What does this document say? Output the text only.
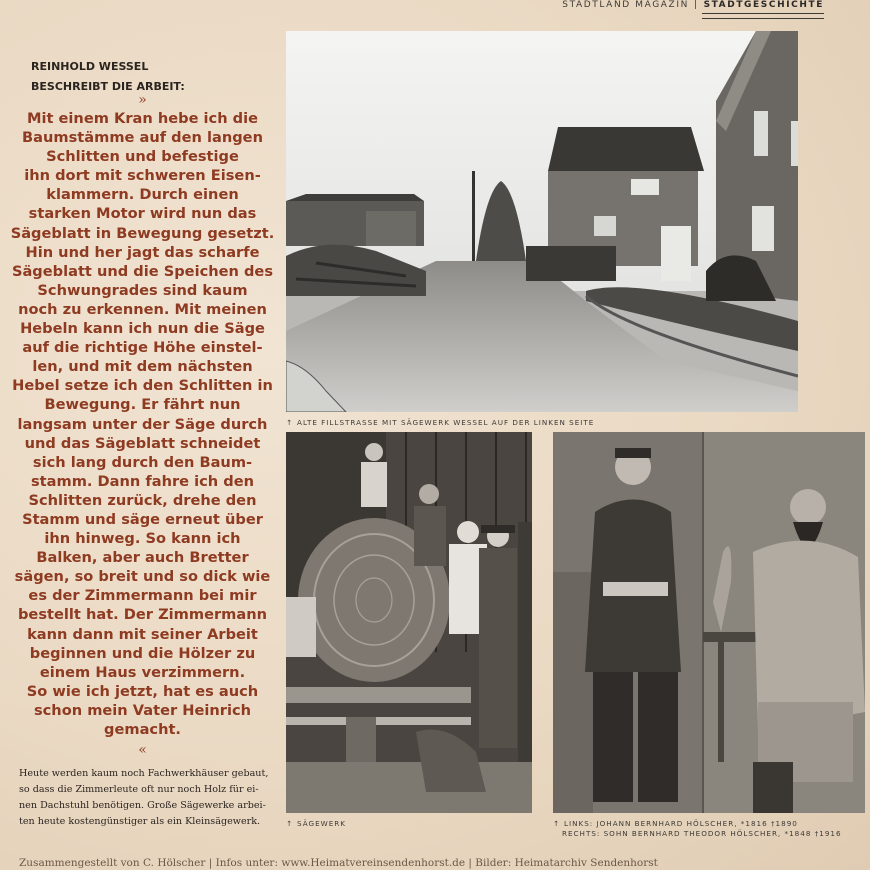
STADTLAND MAGAZIN | STADTGESCHICHTE
REINHOLD WESSEL
BESCHREIBT DIE ARBEIT:
»

Mit einem Kran hebe ich die
Baumstämme auf den langen
Schlitten und befestige
ihn dort mit schweren Eisen-
klammern. Durch einen
starken Motor wird nun das
Sägeblatt in Bewegung gesetzt.
Hin und her jagt das scharfe
Sägeblatt und die Speichen des
Schwungrades sind kaum
noch zu erkennen. Mit meinen
Hebeln kann ich nun die Säge
auf die richtige Höhe einstel-
len, und mit dem nächsten
Hebel setze ich den Schlitten in
Bewegung. Er fährt nun
langsam unter der Säge durch
und das Sägeblatt schneidet
sich lang durch den Baum-
stamm. Dann fahre ich den
Schlitten zurück, drehe den
Stamm und säge erneut über
ihn hinweg. So kann ich
Balken, aber auch Bretter
sägen, so breit und so dick wie
es der Zimmermann bei mir
bestellt hat. Der Zimmermann
kann dann mit seiner Arbeit
beginnen und die Hölzer zu
einem Haus verzimmern.
So wie ich jetzt, hat es auch
schon mein Vater Heinrich
gemacht.

«

Heute werden kaum noch Fachwerkhäuser gebaut,
so dass die Zimmerleute oft nur noch Holz für ei-
nen Dachstuhl benötigen. Große Sägewerke arbei-
ten heute kostengünstiger als ein Kleinsägewerk.

↑ ALTE FILLSTRASSE MIT SÄGEWERK WESSEL AUF DER LINKEN SEITE
↑ SÄGEWERK	↑ LINKS: JOHANN BERNHARD HÖLSCHER, *1816 †1890
RECHTS: SOHN BERNHARD THEODOR HÖLSCHER, *1848 †1916
Zusammengestellt von C. Hölscher | Infos unter: www.Heimatvereinsendenhorst.de | Bilder: Heimatarchiv Sendenhorst
